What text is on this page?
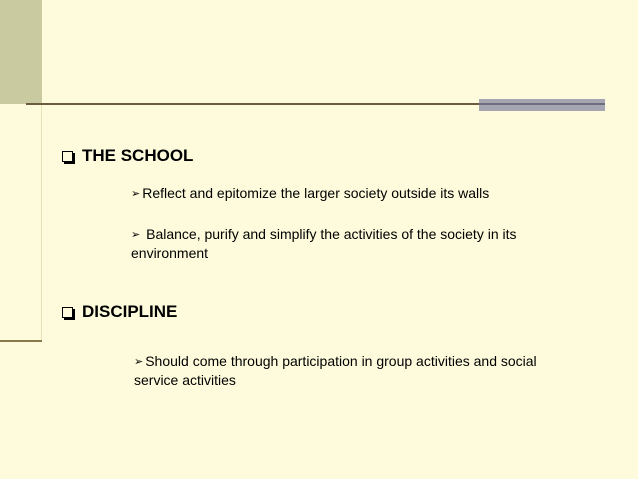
THE SCHOOL
➢ Reflect and epitomize the larger society outside its walls
➢ Balance, purify and simplify the activities of the society in its environment
DISCIPLINE
➢ Should come through participation in group activities and social service activities
